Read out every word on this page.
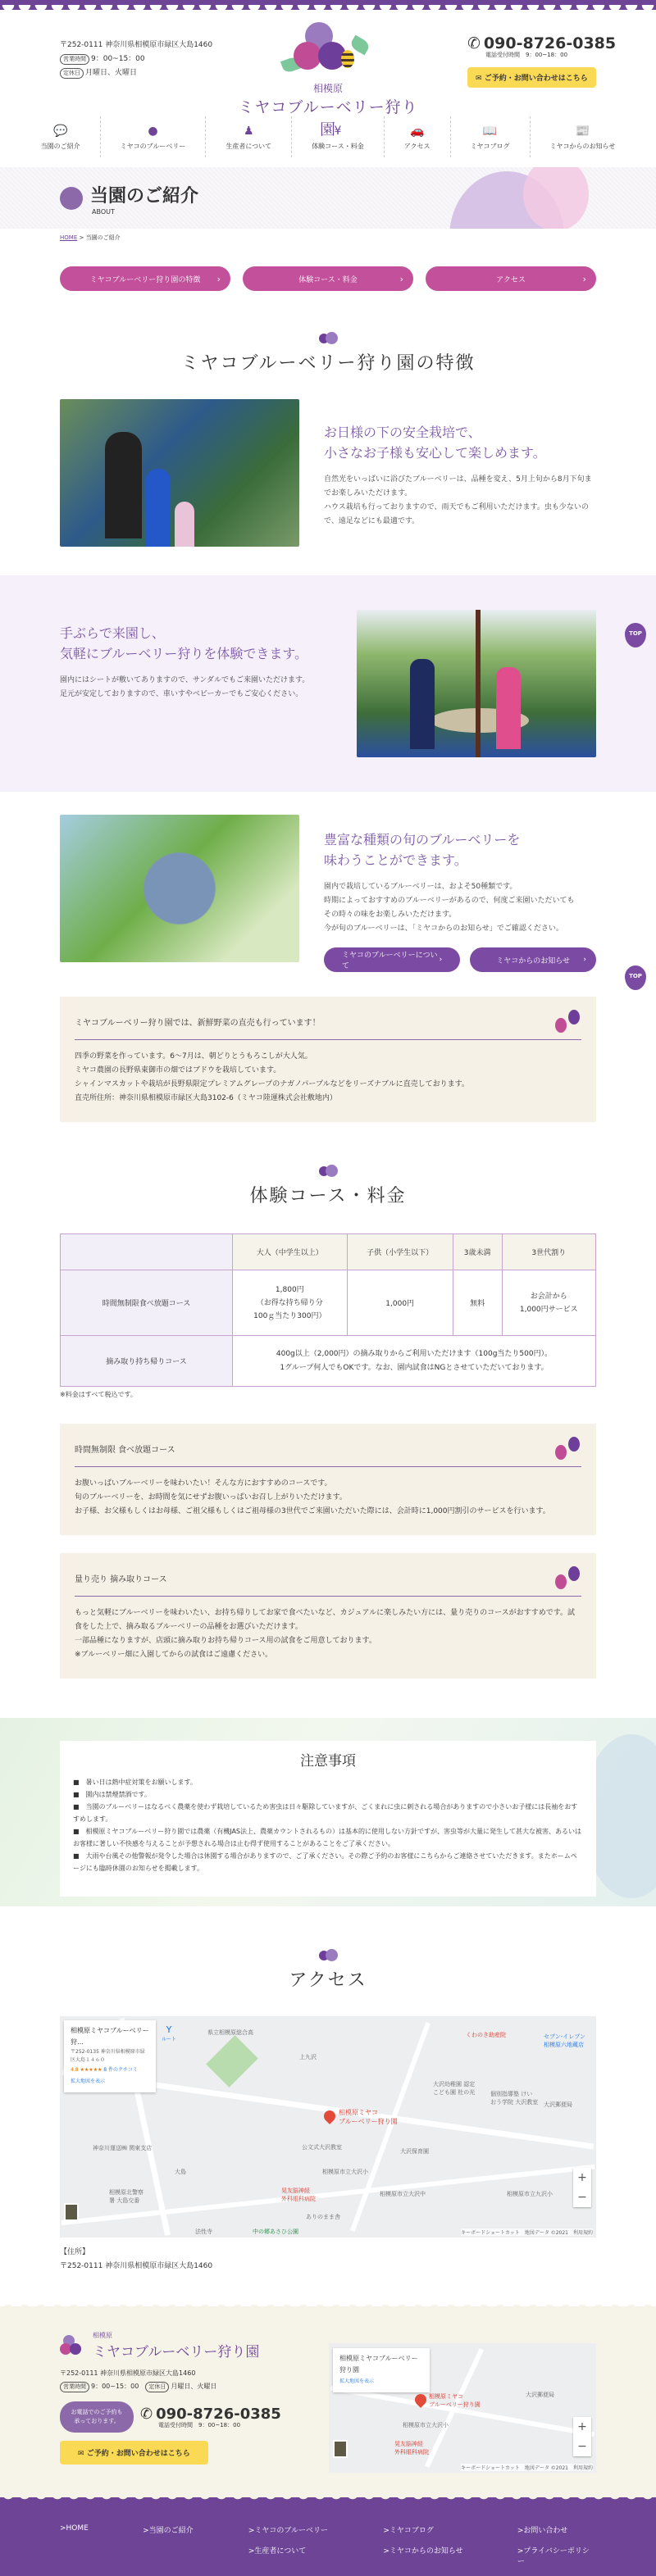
〒252-0111 神奈川県相模原市緑区大島1460
営業時間 9：00~15：00
定休日 月曜日、火曜日
相模原
ミヤコブルーベリー狩り園
✆ 090-8726-0385
電話受付時間　9：00~18：00
✉ ご予約・お問い合わせはこちら
💬
当園のご紹介
●
ミヤコのブルーベリー
♟
生産者について
¥
体験コース・料金
🚗
アクセス
📖
ミヤコブログ
📰
ミヤコからのお知らせ
当園のご紹介
ABOUT
HOME > 当園のご紹介
ミヤコブルーベリー狩り園の特徴 ›	体験コース・料金	›	アクセス	›
ミヤコブルーベリー狩り園の特徴
お日様の下の安全栽培で、
小さなお子様も安心して楽しめます。

自然光をいっぱいに浴びたブルーベリーは、品種を変え、5月上旬から8月下旬までお楽しみいただけます。
ハウス栽培も行っておりますので、雨天でもご利用いただけます。虫も少ないので、遠足などにも最適です。

手ぶらで来園し、
気軽にブルーベリー狩りを体験できます。

園内にはシートが敷いてありますので、サンダルでもご来園いただけます。
足元が安定しておりますので、車いすやベビーカーでもご安心ください。

TOP
豊富な種類の旬のブルーベリーを
味わうことができます。

園内で栽培しているブルーベリーは、およそ50種類です。
時期によっておすすめのブルーベリーがあるので、何度ご来園いただいても
その時々の味をお楽しみいただけます。
今が旬のブルーベリーは、「ミヤコからのお知らせ」でご確認ください。

ミヤコのブルーベリーについて
›	ミヤコからのお知らせ ›
TOP
ミヤコブルーベリー狩り園では、新鮮野菜の直売も行っています！
四季の野菜を作っています。6～7月は、朝どりとうもろこしが大人気。
ミヤコ農園の長野県東御市の畑ではブドウを栽培しています。
シャインマスカットや栽培が長野県限定プレミアムグレープのナガノパープルなどをリーズナブルに直売しております。
直売所住所：神奈川県相模原市緑区大島3102-6（ミヤコ陸運株式会社敷地内）
体験コース・料金
	大人（中学生以上）	子供（小学生以下）	3歳未満	3世代割り
時間無制限食べ放題コース	1,800円
（お得な持ち帰り分
100ｇ当たり300円）	1,000円	無料	お会計から
1,000円サービス
摘み取り持ち帰りコース	400g以上（2,000円）の摘み取りからご利用いただけます（100g当たり500円）。
1グループ何人でもOKです。なお、園内試食はNGとさせていただいております。			
※料金はすべて税込です。
時間無制限 食べ放題コース
お腹いっぱいブルーベリーを味わいたい！そんな方におすすめのコースです。
旬のブルーベリーを、お時間を気にせずお腹いっぱいお召し上がりいただけます。
お子様、お父様もしくはお母様、ご祖父様もしくはご祖母様の3世代でご来園いただいた際には、会計時に1,000円割引のサービスを行います。
量り売り 摘み取りコース
もっと気軽にブルーベリーを味わいたい、お持ち帰りしてお家で食べたいなど、カジュアルに楽しみたい方には、量り売りのコースがおすすめです。試食をした上で、摘み取るブルーベリーの品種をお選びいただけます。
一部品種になりますが、店頭に摘み取りお持ち帰りコース用の試食をご用意しております。
※ブルーベリー畑に入園してからの試食はご遠慮ください。
注意事項
■　暑い日は熱中症対策をお願いします。
■　園内は禁煙禁酒です。
■　当園のブルーベリーはなるべく農薬を使わず栽培しているため害虫は日々駆除していますが、ごくまれに虫に刺される場合がありますので小さいお子様には長袖をおすすめします。
■　相模原ミヤコブルーベリー狩り園では農薬（有機JAS法上、農薬カウントされるもの）は基本的に使用しない方針ですが、害虫等が大量に発生して甚大な被害、あるいはお客様に著しい不快感を与えることが予想される場合は止む得ず使用することがあることをご了承ください。
■　大雨や台風その他警報が発令した場合は休園する場合がありますので、ご了承ください。その際ご予約のお客様にこちらからご連絡させていただきます。またホームページにも臨時休園のお知らせを掲載します。
アクセス
相模原ミヤコブルーベリー狩…
〒252-0135 神奈川県相模原市緑区大島１４６０
4.8 ★★★★★ 8 件のクチコミ
拡大地図を表示
Y
ルート
相模原ミヤコ
ブルーベリー狩り園
県立相模原総合高	くわのき助産院	セブン-イレブン
相模原六地蔵店
大沢幼稚園 認定
こども園 杜の光	個別指導塾 けい
おう学院 大沢教室 大沢郵便局
上九沢
公文式大沢教室
大沢保育園
相模原市立大沢小
相模原市立大沢中	相模原市立九沢小
晃友脳神経
外科眼科病院
神奈川運送㈱ 関東支店
相模原北警察
署 大島交番
大島
法性寺	中の郷あさひ公園
ありのまま舎
+
−
キーボードショートカット　地図データ ©2021　利用規約
【住所】
〒252-0111 神奈川県相模原市緑区大島1460
相模原
ミヤコブルーベリー狩り園
〒252-0111 神奈川県相模原市緑区大島1460
営業時間 9：00~15：00　 定休日 月曜日、火曜日
お電話でのご予約も
承っております。	✆ 090-8726-0385
電話受付時間　9：00~18：00
✉ ご予約・お問い合わせはこちら
相模原ミヤコブルーベリー狩り園
拡大地図を表示
相模原ミヤコ
ブルーベリー狩り園
相模原市立大沢小
大沢郵便局
晃友脳神経
外科眼科病院
+
−
キーボードショートカット　地図データ ©2021　利用規約
>HOME	>当園のご紹介	>ミヤコのブルーベリー
>生産者について
>ミヤコブログ
>ミヤコからのお知らせ
>お問い合わせ
>プライバシーポリシー
